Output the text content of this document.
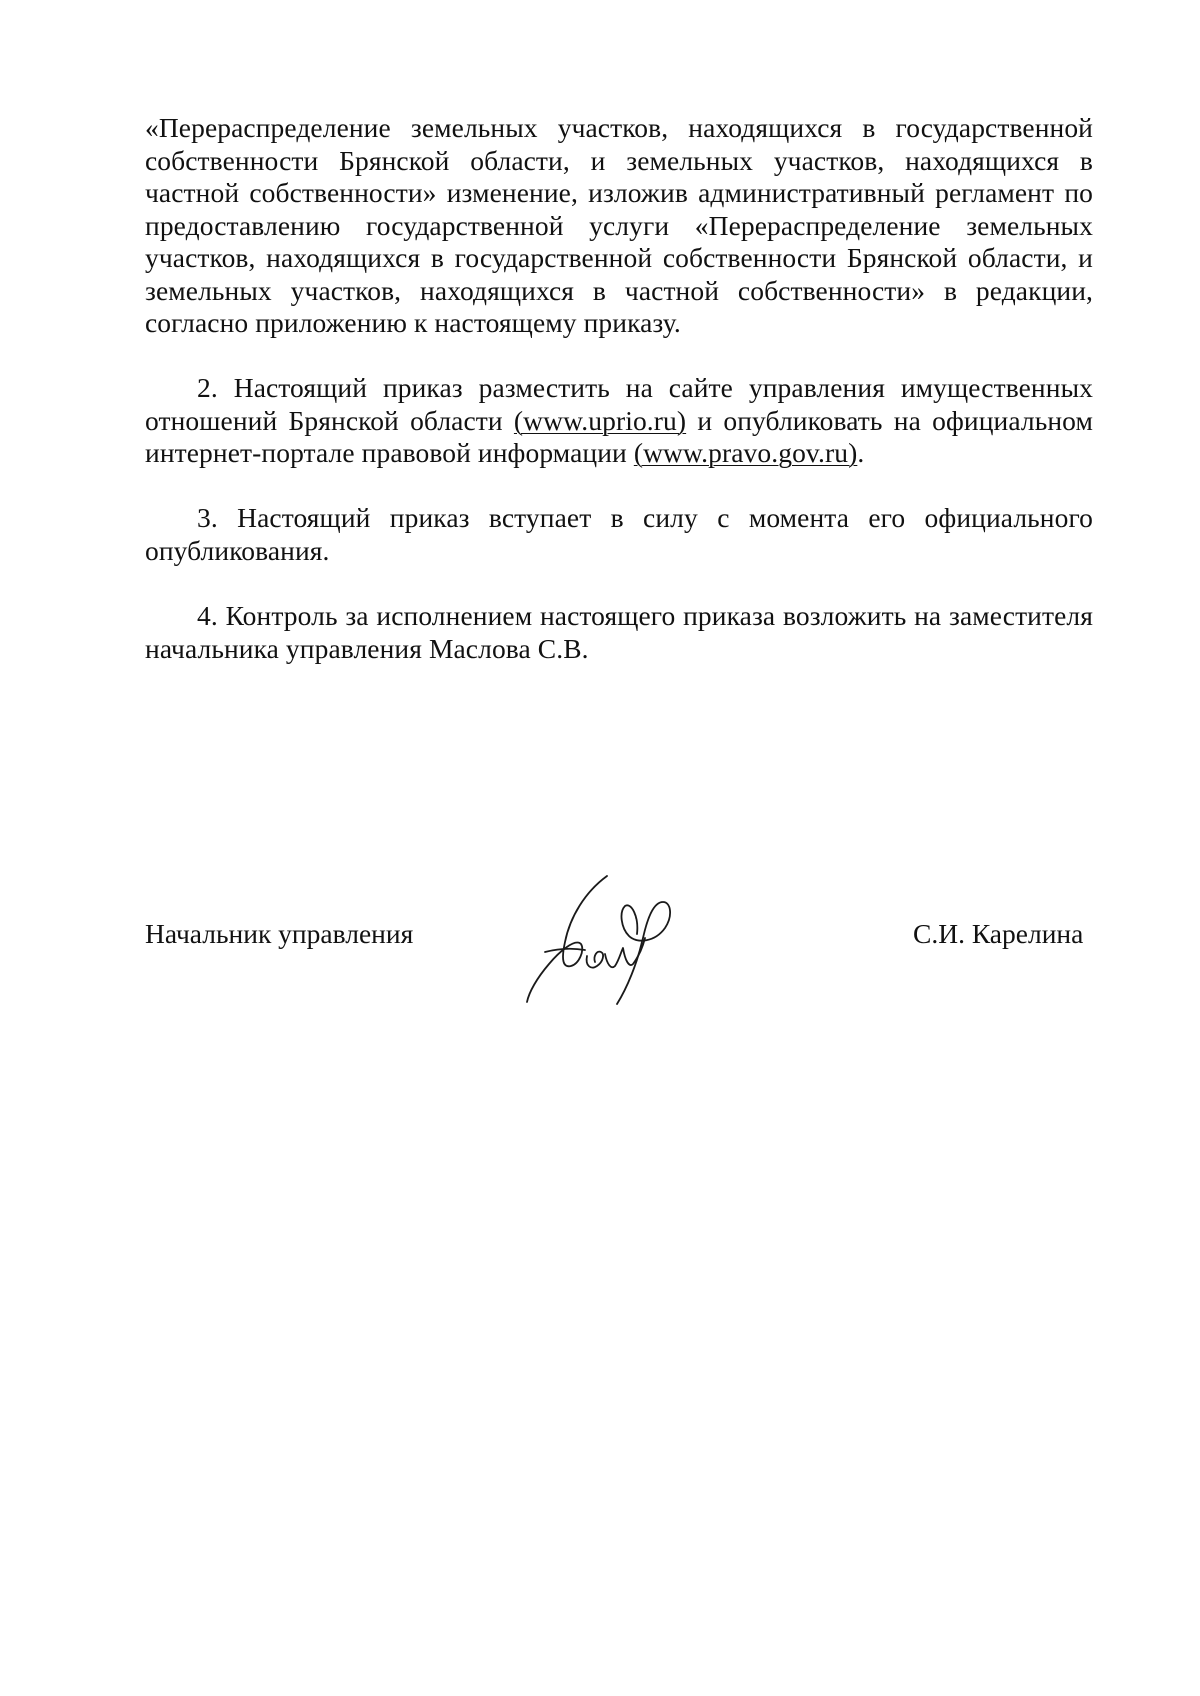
«Перераспределение земельных участков, находящихся в государственной собственности Брянской области, и земельных участков, находящихся в частной собственности» изменение, изложив административный регламент по предоставлению государственной услуги «Перераспределение земельных участков, находящихся в государственной собственности Брянской области, и земельных участков, находящихся в частной собственности» в редакции, согласно приложению к настоящему приказу.

2. Настоящий приказ разместить на сайте управления имущественных отношений Брянской области (www.uprio.ru) и опубликовать на официальном интернет-портале правовой информации (www.pravo.gov.ru).

3. Настоящий приказ вступает в силу с момента его официального опубликования.

4. Контроль за исполнением настоящего приказа возложить на заместителя начальника управления Маслова С.В.

Начальник управления	С.И. Карелина
